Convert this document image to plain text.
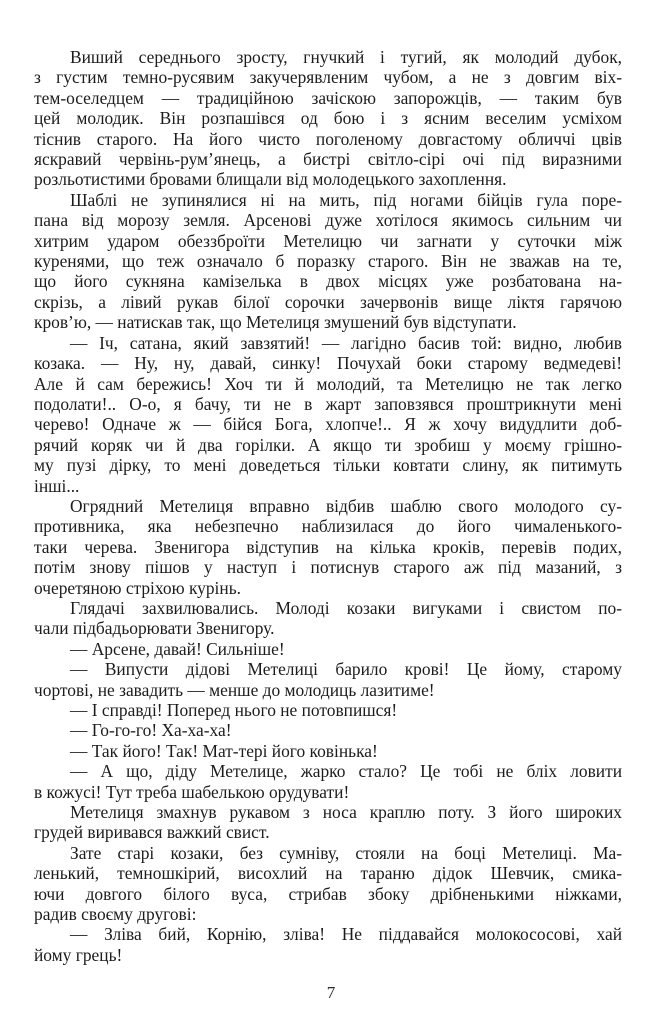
Виший середнього зросту, гнучкий і тугий, як молодий дубок,
з густим темно-русявим закучерявленим чубом, а не з довгим віх-
тем-оселедцем — традиційною зачіскою запорожців, — таким був
цей молодик. Він розпашівся од бою і з ясним веселим усміхом
тіснив старого. На його чисто поголеному довгастому обличчі цвів
яскравий червінь-рум’янець, а бистрі світло-сірі очі під виразними
розльотистими бровами блищали від молодецького захоплення.

Шаблі не зупинялися ні на мить, під ногами бійців гула поре-
пана від морозу земля. Арсенові дуже хотілося якимось сильним чи
хитрим ударом обеззброїти Метелицю чи загнати у суточки між
куренями, що теж означало б поразку старого. Він не зважав на те,
що його сукняна камізелька в двох місцях уже розбатована на-
скрізь, а лівий рукав білої сорочки зачервонів вище ліктя гарячою
кров’ю, — натискав так, що Метелиця змушений був відступати.

— Іч, сатана, який завзятий! — лагідно басив той: видно, любив
козака. — Ну, ну, давай, синку! Почухай боки старому ведмедеві!
Але й сам бережись! Хоч ти й молодий, та Метелицю не так легко
подолати!.. О-о, я бачу, ти не в жарт заповзявся проштрикнути мені
черево! Одначе ж — бійся Бога, хлопче!.. Я ж хочу видудлити доб-
рячий коряк чи й два горілки. А якщо ти зробиш у моєму грішно-
му пузі дірку, то мені доведеться тільки ковтати слину, як питимуть
інші...

Огрядний Метелиця вправно відбив шаблю свого молодого су-
противника, яка небезпечно наблизилася до його чималенького-
таки черева. Звенигора відступив на кілька кроків, перевів подих,
потім знову пішов у наступ і потиснув старого аж під мазаний, з
очеретяною стріхою курінь.

Глядачі захвилювались. Молоді козаки вигуками і свистом по-
чали підбадьорювати Звенигору.

— Арсене, давай! Сильніше!

— Випусти дідові Метелиці барило крові! Це йому, старому
чортові, не завадить — менше до молодиць лазитиме!

— І справді! Поперед нього не потовпишся!

— Го-го-го! Ха-ха-ха!

— Так його! Так! Мат-тері його ковінька!

— А що, діду Метелице, жарко стало? Це тобі не бліх ловити
в кожусі! Тут треба шабелькою орудувати!

Метелиця змахнув рукавом з носа краплю поту. З його широких
грудей виривався важкий свист.

Зате старі козаки, без сумніву, стояли на боці Метелиці. Ма-
ленький, темношкірий, висохлий на тараню дідок Шевчик, смика-
ючи довгого білого вуса, стрибав збоку дрібненькими ніжками,
радив своєму другові:

— Зліва бий, Корнію, зліва! Не піддавайся молокососові, хай
йому грець!

7
